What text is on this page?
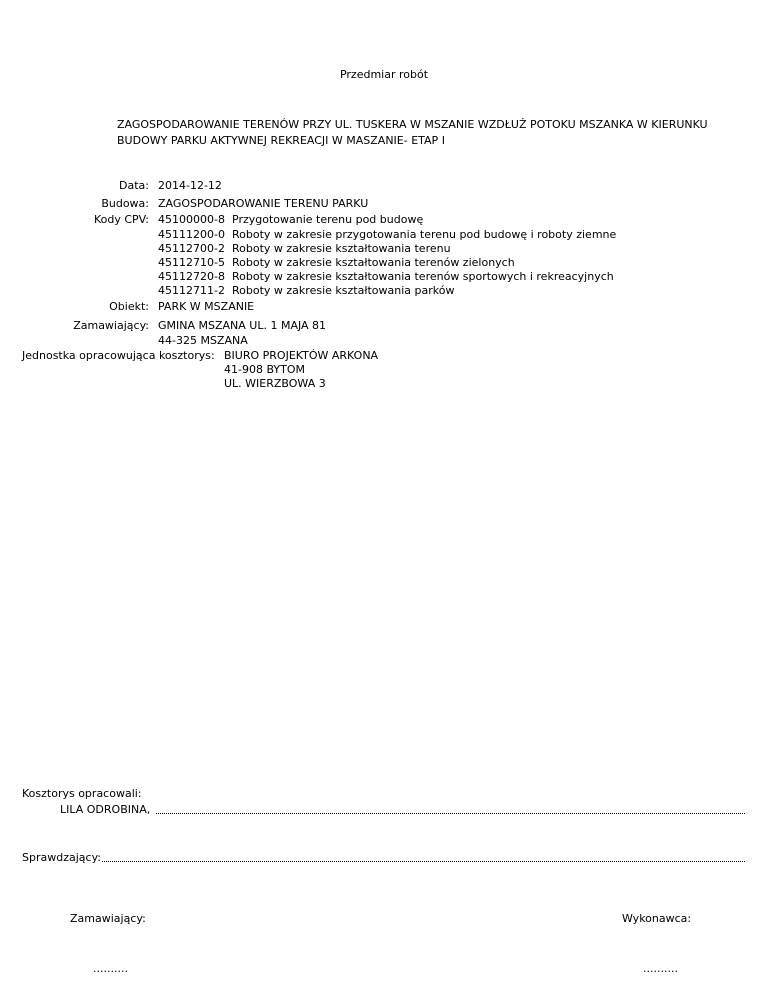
Przedmiar robót
ZAGOSPODAROWANIE TERENÓW PRZY UL. TUSKERA W MSZANIE WZDŁUŻ POTOKU MSZANKA W KIERUNKU BUDOWY PARKU AKTYWNEJ REKREACJI W MASZANIE- ETAP I
Data: 2014-12-12
Budowa: ZAGOSPODAROWANIE TERENU PARKU
Kody CPV: 45100000-8 Przygotowanie terenu pod budowę
45111200-0 Roboty w zakresie przygotowania terenu pod budowę i roboty ziemne
45112700-2 Roboty w zakresie kształtowania terenu
45112710-5 Roboty w zakresie kształtowania terenów zielonych
45112720-8 Roboty w zakresie kształtowania terenów sportowych i rekreacyjnych
45112711-2 Roboty w zakresie kształtowania parków
Obiekt: PARK W MSZANIE
Zamawiający: GMINA MSZANA UL. 1 MAJA 81
44-325 MSZANA
Jednostka opracowująca kosztorys: BIURO PROJEKTÓW ARKONA
41-908 BYTOM
UL. WIERZBOWA 3
Kosztorys opracowali:
LILA ODROBINA,
Sprawdzający:
Zamawiający:	Wykonawca:
..........	..........
